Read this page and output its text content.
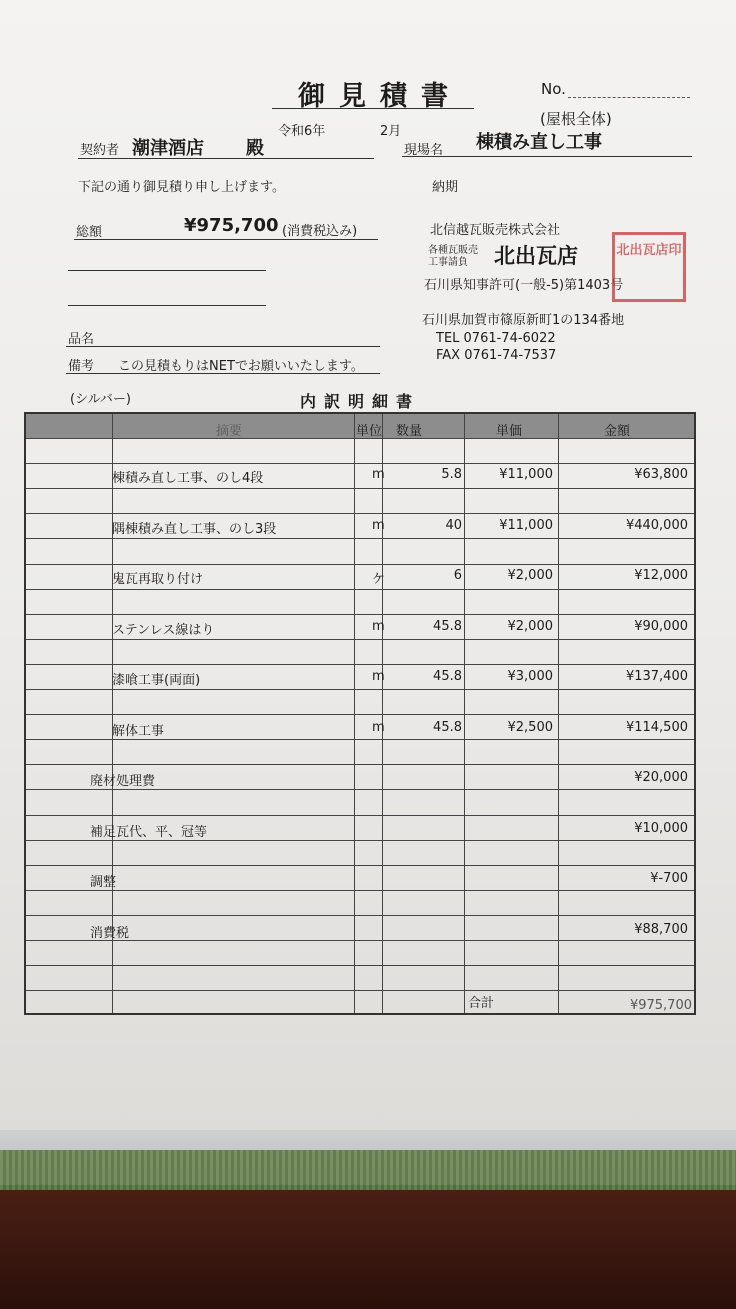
御見積書	No.
令和6年	2月
(屋根全体)
契約者 潮津酒店 殿	現場名 棟積み直し工事
下記の通り御見積り申し上げます。	納期
総額	¥975,700 (消費税込み)
品名
備考 この見積もりはNETでお願いいたします。
北信越瓦販売株式会社
各種瓦販売
工事請負 北出瓦店
石川県知事許可(一般-5)第1403号
石川県加賀市篠原新町1の134番地
TEL 0761-74-6022
FAX 0761-74-7537
北出瓦店印
(シルバー)	内訳明細書
摘要	単位 数量	単価	金額
棟積み直し工事、のし4段	m	5.8	¥11,000	¥63,800
隅棟積み直し工事、のし3段	m	40	¥11,000	¥440,000
鬼瓦再取り付け	ケ	6	¥2,000	¥12,000
ステンレス線はり	m	45.8	¥2,000	¥90,000
漆喰工事(両面)	m	45.8	¥3,000	¥137,400
解体工事	m	45.8	¥2,500	¥114,500
廃材処理費	¥20,000
補足瓦代、平、冠等	¥10,000
調整	¥-700
消費税	¥88,700
合計	¥975,700
